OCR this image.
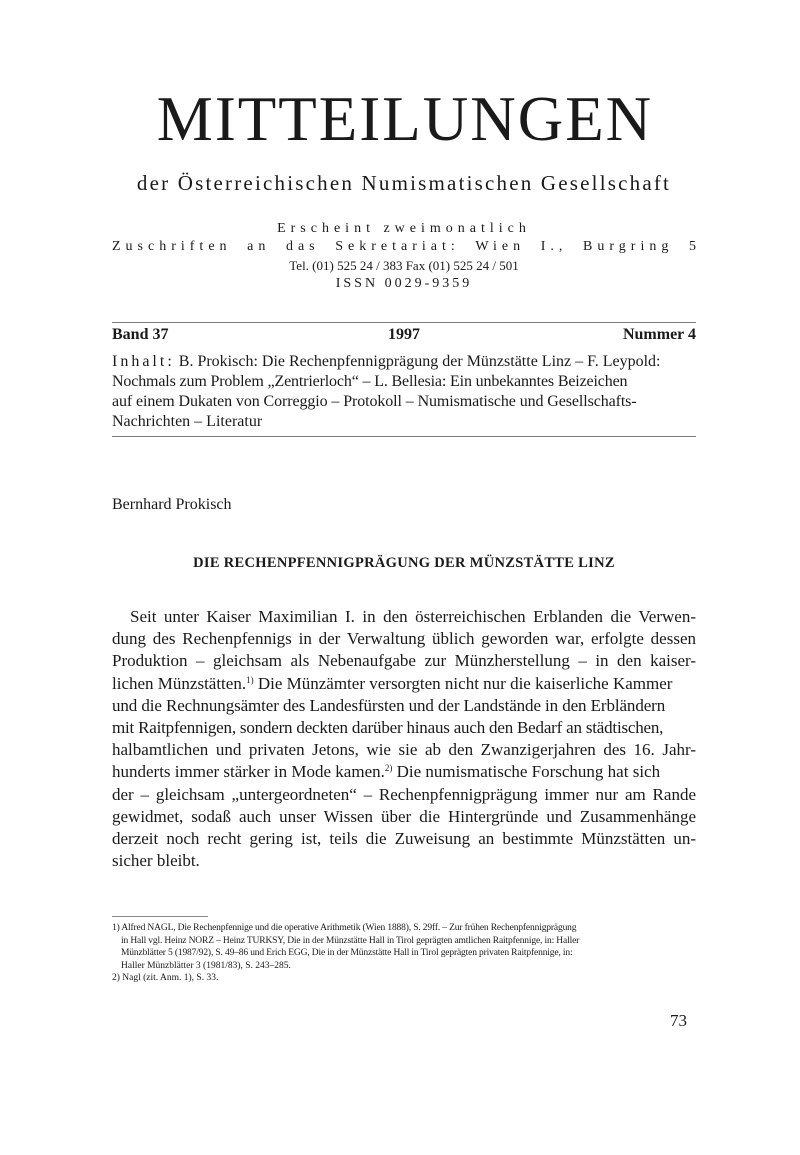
MITTEILUNGEN
der Österreichischen Numismatischen Gesellschaft
Erscheint zweimonatlich
Zuschriften an das Sekretariat: Wien I., Burgring 5
Tel. (01) 525 24 / 383 Fax (01) 525 24 / 501
ISSN 0029-9359
Band 37	1997	Nummer 4
Inhalt: B. Prokisch: Die Rechenpfennigprägung der Münzstätte Linz – F. Leypold:
Nochmals zum Problem „Zentrierloch“ – L. Bellesia: Ein unbekanntes Beizeichen
auf einem Dukaten von Correggio – Protokoll – Numismatische und Gesellschafts-
Nachrichten – Literatur
Bernhard Prokisch
DIE RECHENPFENNIGPRÄGUNG DER MÜNZSTÄTTE LINZ
Seit unter Kaiser Maximilian I. in den österreichischen Erblanden die Verwen-
dung des Rechenpfennigs in der Verwaltung üblich geworden war, erfolgte dessen
Produktion – gleichsam als Nebenaufgabe zur Münzherstellung – in den kaiser-
lichen Münzstätten.$^{1)}$ Die Münzämter versorgten nicht nur die kaiserliche Kammer
und die Rechnungsämter des Landesfürsten und der Landstände in den Erbländern
mit Raitpfennigen, sondern deckten darüber hinaus auch den Bedarf an städtischen,
halbamtlichen und privaten Jetons, wie sie ab den Zwanzigerjahren des 16. Jahr-
hunderts immer stärker in Mode kamen.$^{2)}$ Die numismatische Forschung hat sich
der – gleichsam „untergeordneten“ – Rechenpfennigprägung immer nur am Rande
gewidmet, sodaß auch unser Wissen über die Hintergründe und Zusammenhänge
derzeit noch recht gering ist, teils die Zuweisung an bestimmte Münzstätten un-
sicher bleibt.
1) Alfred NAGL, Die Rechenpfennige und die operative Arithmetik (Wien 1888), S. 29ff. – Zur frühen Rechenpfennigprägung
in Hall vgl. Heinz NORZ – Heinz TURKSY, Die in der Münzstätte Hall in Tirol geprägten amtlichen Raitpfennige, in: Haller
Münzblätter 5 (1987/92), S. 49–86 und Erich EGG, Die in der Münzstätte Hall in Tirol geprägten privaten Raitpfennige, in:
Haller Münzblätter 3 (1981/83), S. 243–285.
2) Nagl (zit. Anm. 1), S. 33.
73
